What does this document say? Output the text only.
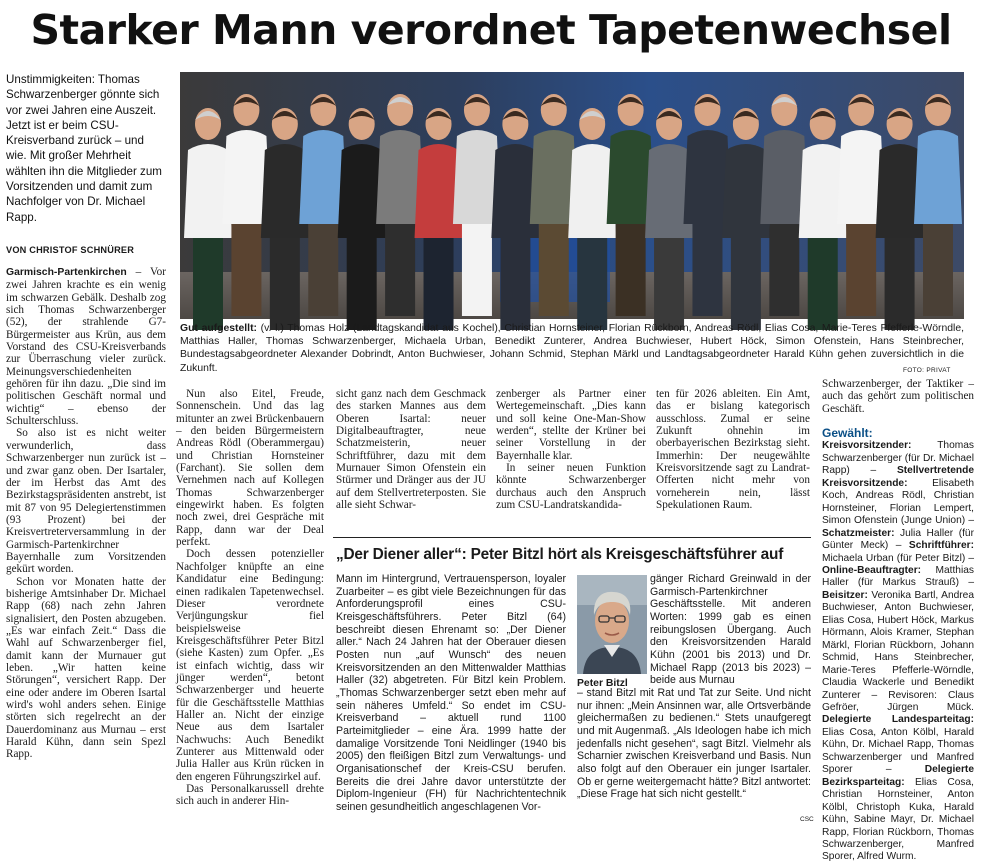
Starker Mann verordnet Tapetenwechsel
Unstimmigkeiten: Thomas Schwarzenberger gönnte sich vor zwei Jahren eine Auszeit. Jetzt ist er beim CSU-Kreisverband zurück – und wie. Mit großer Mehrheit wählten ihn die Mitglieder zum Vorsitzenden und damit zum Nachfolger von Dr. Michael Rapp.
VON CHRISTOF SCHNÜRER
Gut aufgestellt: (v. l.) Thomas Holz (Landtagskandidat aus Kochel), Christian Hornsteiner, Florian Rückborn, Andreas Rödl, Elias Cosa, Marie-Teres Pfefferle-Wörndle, Matthias Haller, Thomas Schwarzenberger, Michaela Urban, Benedikt Zunterer, Andrea Buchwieser, Hubert Höck, Simon Ofenstein, Hans Steinbrecher, Bundestagsabgeordneter Alexander Dobrindt, Anton Buchwieser, Johann Schmid, Stephan Märkl und Landtagsabgeordneter Harald Kühn gehen zuversichtlich in die Zukunft.	FOTO: PRIVAT

Garmisch-Partenkirchen – Vor zwei Jahren krachte es ein wenig im schwarzen Gebälk. Deshalb zog sich Thomas Schwarzenberger (52), der strahlende G7-Bürgermeister aus Krün, aus dem Vorstand des CSU-Kreisverbands zur Überraschung vieler zurück. Meinungsverschiedenheiten gehören für ihn dazu. „Die sind im politischen Geschäft normal und wichtig“ – ebenso der Schulterschluss.

So also ist es nicht weiter verwunderlich, dass Schwarzenberger nun zurück ist – und zwar ganz oben. Der Isartaler, der im Herbst das Amt des Bezirkstagspräsidenten anstrebt, ist mit 87 von 95 Delegiertenstimmen (93 Prozent) bei der Kreisvertreterversammlung in der Garmisch-Partenkirchner Bayernhalle zum Vorsitzenden gekürt worden.

Schon vor Monaten hatte der bisherige Amtsinhaber Dr. Michael Rapp (68) nach zehn Jahren signalisiert, den Posten abzugeben. „Es war einfach Zeit.“ Dass die Wahl auf Schwarzenberger fiel, damit kann der Murnauer gut leben. „Wir hatten keine Störungen“, versichert Rapp. Der eine oder andere im Oberen Isartal wird's wohl anders sehen. Einige störten sich regelrecht an der Dauerdominanz aus Murnau – erst Harald Kühn, dann sein Spezl Rapp.

Nun also Eitel, Freude, Sonnenschein. Und das lag mitunter an zwei Brückenbauern – den beiden Bürgermeistern Andreas Rödl (Oberammergau) und Christian Hornsteiner (Farchant). Sie sollen dem Vernehmen nach auf Kollegen Thomas Schwarzenberger eingewirkt haben. Es folgten noch zwei, drei Gespräche mit Rapp, dann war der Deal perfekt.

Doch dessen potenzieller Nachfolger knüpfte an eine Kandidatur eine Bedingung: einen radikalen Tapetenwechsel. Dieser verordnete Verjüngungskur fiel beispielsweise Kreisgeschäftsführer Peter Bitzl (siehe Kasten) zum Opfer. „Es ist einfach wichtig, dass wir jünger werden“, betont Schwarzenberger und heuerte für die Geschäftsstelle Matthias Haller an. Nicht der einzige Neue aus dem Isartaler Nachwuchs: Auch Benedikt Zunterer aus Mittenwald oder Julia Haller aus Krün rücken in den engeren Führungszirkel auf.

Das Personalkarussell drehte sich auch in anderer Hin-

sicht ganz nach dem Geschmack des starken Mannes aus dem Oberen Isartal: neuer Digitalbeauftragter, neue Schatzmeisterin, neuer Schriftführer, dazu mit dem Murnauer Simon Ofenstein ein Stürmer und Dränger aus der JU auf dem Stellvertreterposten. Sie alle sieht Schwar-

zenberger als Partner einer Wertegemeinschaft. „Dies kann und soll keine One-Man-Show werden“, stellte der Krüner bei seiner Vorstellung in der Bayernhalle klar.

In seiner neuen Funktion könnte Schwarzenberger durchaus auch den Anspruch zum CSU-Landratskandida-

ten für 2026 ableiten. Ein Amt, das er bislang kategorisch ausschloss. Zumal er seine Zukunft ohnehin im oberbayerischen Bezirkstag sieht. Immerhin: Der neugewählte Kreisvorsitzende sagt zu Landrat-Offerten nicht mehr von vorneherein nein, lässt Spekulationen Raum.

„Der Diener aller“: Peter Bitzl hört als Kreisgeschäftsführer auf

Mann im Hintergrund, Vertrauensperson, loyaler Zuarbeiter – es gibt viele Bezeichnungen für das Anforderungsprofil eines CSU-Kreisgeschäftsführers. Peter Bitzl (64) beschreibt diesen Ehrenamt so: „Der Diener aller.“ Nach 24 Jahren hat der Oberauer diesen Posten nun „auf Wunsch“ des neuen Kreisvorsitzenden an den Mittenwalder Matthias Haller (32) abgetreten. Für Bitzl kein Problem. „Thomas Schwarzenberger setzt eben mehr auf sein näheres Umfeld.“ So endet im CSU-Kreisverband – aktuell rund 1100 Parteimitglieder – eine Ära. 1999 hatte der damalige Vorsitzende Toni Neidlinger (1940 bis 2005) den fleißigen Bitzl zum Verwaltungs- und Organisationschef der Kreis-CSU berufen. Bereits die drei Jahre davor unterstützte der Diplom-Ingenieur (FH) für Nachrichtentechnik seinen gesundheitlich angeschlagenen Vor-

Peter Bitzl

gänger Richard Greinwald in der Garmisch-Partenkirchner Geschäftsstelle. Mit anderen Worten: 1999 gab es einen reibungslosen Übergang. Auch den Kreisvorsitzenden Harald Kühn (2001 bis 2013) und Dr. Michael Rapp (2013 bis 2023) – beide aus Murnau

– stand Bitzl mit Rat und Tat zur Seite. Und nicht nur ihnen: „Mein Ansinnen war, alle Ortsverbände gleichermaßen zu bedienen.“ Stets unaufgeregt und mit Augenmaß. „Als Ideologen habe ich mich jedenfalls nicht gesehen“, sagt Bitzl. Vielmehr als Scharnier zwischen Kreisverband und Basis. Nun also folgt auf den Oberauer ein junger Isartaler. Ob er gerne weitergemacht hätte? Bitzl antwortet: „Diese Frage hat sich nicht gestellt.“

CSC

Schwarzenberger, der Taktiker – auch das gehört zum politischen Geschäft.

Gewählt:
Kreisvorsitzender: Thomas Schwarzenberger (für Dr. Michael Rapp) – Stellvertretende Kreisvorsitzende: Elisabeth Koch, Andreas Rödl, Christian Hornsteiner, Florian Lempert, Simon Ofenstein (Junge Union) – Schatzmeister: Julia Haller (für Günter Meck) – Schriftführer: Michaela Urban (für Peter Bitzl) – Online-Beauftragter: Matthias Haller (für Markus Strauß) – Beisitzer: Veronika Bartl, Andrea Buchwieser, Anton Buchwieser, Elias Cosa, Hubert Höck, Markus Hörmann, Alois Kramer, Stephan Märkl, Florian Rückborn, Johann Schmid, Hans Steinbrecher, Marie-Teres Pfefferle-Wörndle, Claudia Wackerle und Benedikt Zunterer – Revisoren: Claus Gefröer, Jürgen Mück. Delegierte Landesparteitag: Elias Cosa, Anton Kölbl, Harald Kühn, Dr. Michael Rapp, Thomas Schwarzenberger und Manfred Sporer – Delegierte Bezirksparteitag: Elias Cosa, Christian Hornsteiner, Anton Kölbl, Christoph Kuka, Harald Kühn, Sabine Mayr, Dr. Michael Rapp, Florian Rückborn, Thomas Schwarzenberger, Manfred Sporer, Alfred Wurm.
